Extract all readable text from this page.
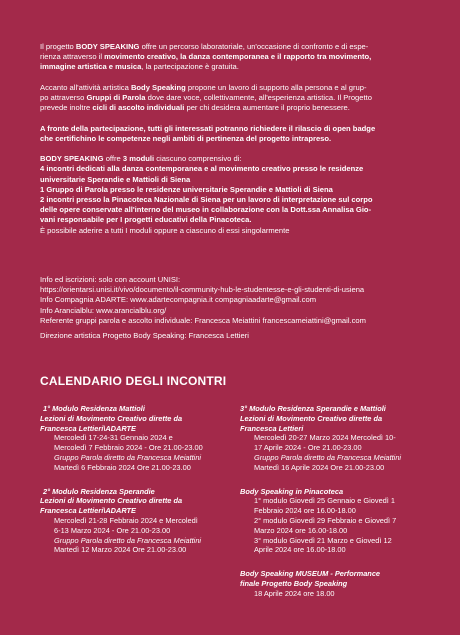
Il progetto BODY SPEAKING offre un percorso laboratoriale, un'occasione di confronto e di espe-
rienza attraverso il movimento creativo, la danza contemporanea e il rapporto tra movimento,
immagine artistica e musica, la partecipazione è gratuita.

Accanto all'attività artistica Body Speaking propone un lavoro di supporto alla persona e al grup-
po attraverso Gruppi di Parola dove dare voce, collettivamente, all'esperienza artistica. Il Progetto
prevede inoltre cicli di ascolto individuali per chi desidera aumentare il proprio benessere.

A fronte della partecipazione, tutti gli interessati potranno richiedere il rilascio di open badge
che certifichino le competenze negli ambiti di pertinenza del progetto intrapreso.

BODY SPEAKING offre 3 moduli ciascuno comprensivo di:
4 incontri dedicati alla danza contemporanea e al movimento creativo presso le residenze
universitarie Sperandie e Mattioli di Siena
1 Gruppo di Parola presso le residenze universitarie Sperandie e Mattioli di Siena
2 incontri presso la Pinacoteca Nazionale di Siena per un lavoro di interpretazione sul corpo
delle opere conservate all'interno del museo in collaborazione con la Dott.ssa Annalisa Gio-
vani responsabile per I progetti educativi della Pinacoteca.
È possibile aderire a tutti I moduli oppure a ciascuno di essi singolarmente

Info ed iscrizioni: solo con account UNISI:
https://orientarsi.unisi.it/vivo/documento/il-community-hub-le-studentesse-e-gli-studenti-di-usiena
Info Compagnia ADARTE: www.adartecompagnia.it compagniaadarte@gmail.com
Info Arancialblu: www.arancialblu.org/
Referente gruppi parola e ascolto individuale: Francesca Meiattini francescameiattini@gmail.com
Direzione artistica Progetto Body Speaking: Francesca Lettieri
CALENDARIO DEGLI INCONTRI
1° Modulo Residenza Mattioli
Lezioni di Movimento Creativo dirette da
Francesca Lettieri\ADARTE
Mercoledì 17-24-31 Gennaio 2024 e
Mercoledì 7 Febbraio 2024 - Ore 21.00-23.00
Gruppo Parola diretto da Francesca Meiattini
Martedì 6 Febbraio 2024 Ore 21.00-23.00
2° Modulo Residenza Sperandie
Lezioni di Movimento Creativo dirette da
Francesca Lettieri\ADARTE
Mercoledì 21-28 Febbraio 2024 e Mercoledì
6-13 Marzo 2024 - Ore 21.00-23.00
Gruppo Parola diretto da Francesca Meiattini
Martedì 12 Marzo 2024 Ore 21.00-23.00
3° Modulo Residenza Sperandie e Mattioli
Lezioni di Movimento Creativo dirette da
Francesca Lettieri
Mercoledì 20-27 Marzo 2024 Mercoledì 10-
17 Aprile 2024 - Ore 21.00-23.00
Gruppo Parola diretto da Francesca Meiattini
Martedì 16 Aprile 2024 Ore 21.00-23.00
Body Speaking in Pinacoteca
1° modulo Giovedì 25 Gennaio e Giovedì 1
Febbraio 2024 ore 16.00-18.00
2° modulo Giovedì 29 Febbraio e Giovedì 7
Marzo 2024 ore 16.00-18.00
3° modulo Giovedì 21 Marzo e Giovedì 12
Aprile 2024 ore 16.00-18.00
Body Speaking MUSEUM - Performance
finale Progetto Body Speaking
18 Aprile 2024 ore 18.00
